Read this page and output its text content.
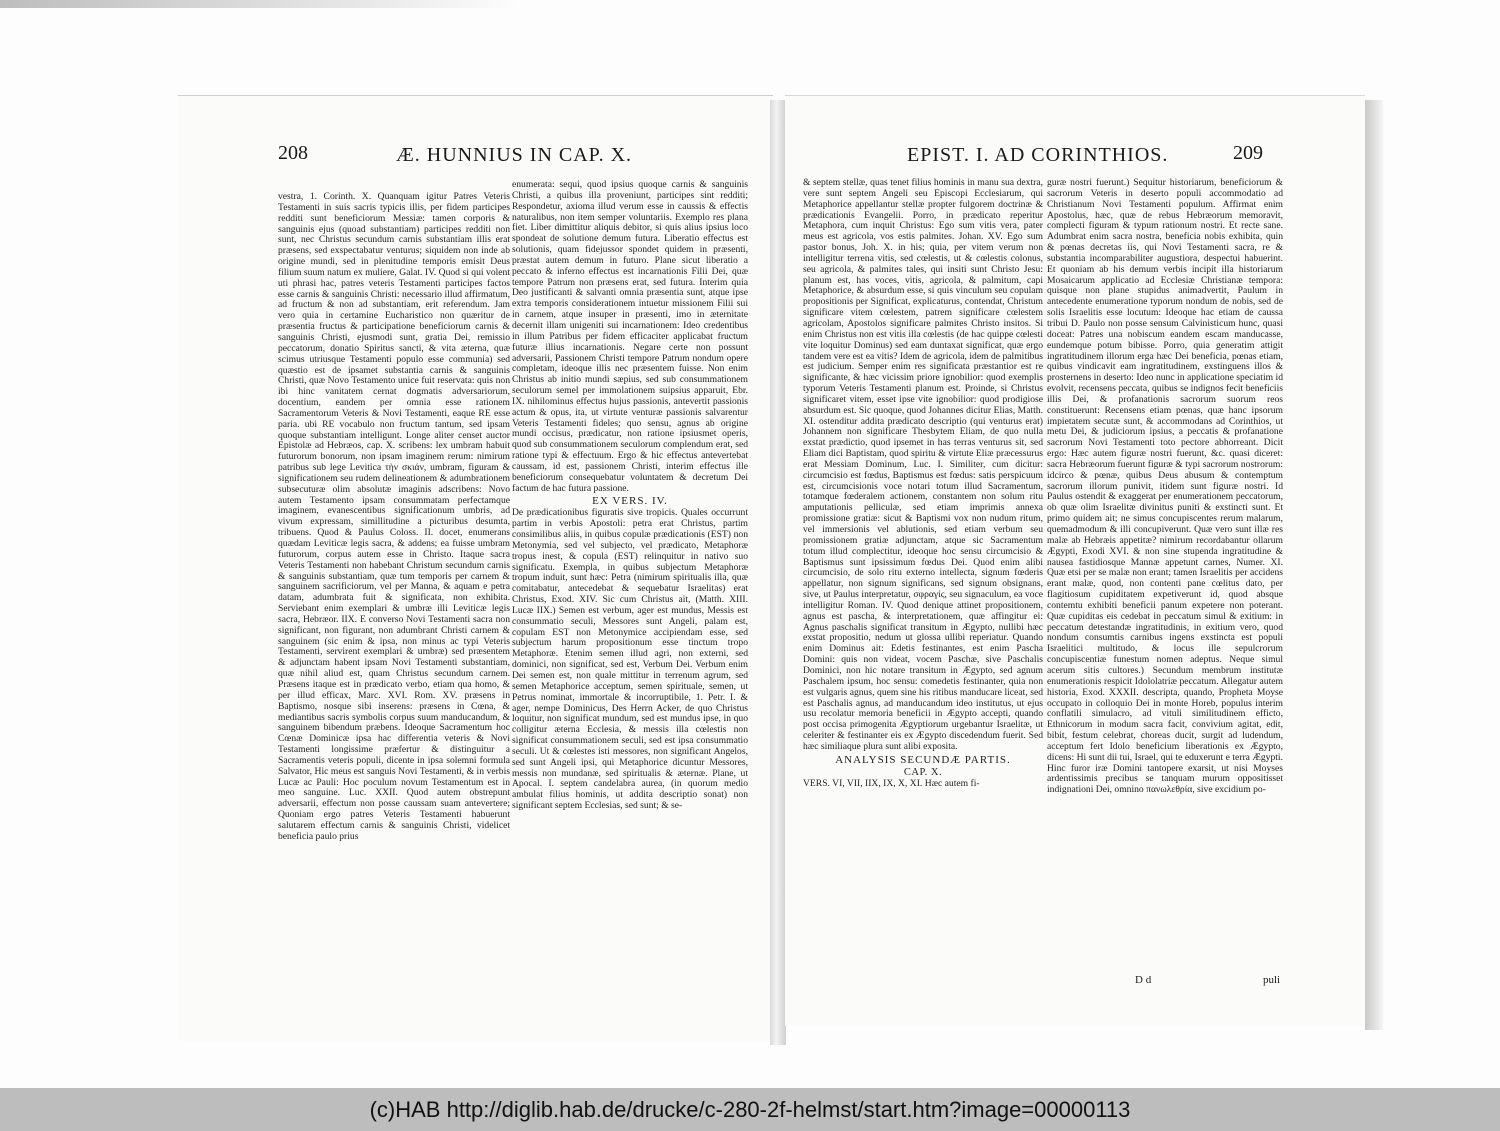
208	Æ. HUNNIUS IN CAP. X.

vestra, 1. Corinth. X. Quanquam igitur Patres Veteris Testamenti in suis sacris typicis illis, per fidem participes redditi sunt beneficiorum Messiæ: tamen corporis & sanguinis ejus (quoad substantiam) participes redditi non sunt, nec Christus secundum carnis substantiam illis erat præsens, sed exspectabatur venturus; siquidem non inde ab origine mundi, sed in plenitudine temporis emisit Deus filium suum natum ex muliere, Galat. IV. Quod si qui volent uti phrasi hac, patres veteris Testamenti participes factos esse carnis & sanguinis Christi: necessario illud affirmatum, ad fructum & non ad substantiam, erit referendum. Jam vero quia in certamine Eucharistico non quæritur de præsentia fructus & participatione beneficiorum carnis & sanguinis Christi, ejusmodi sunt, gratia Dei, remissio peccatorum, donatio Spiritus sancti, & vita æterna, quæ scimus utriusque Testamenti populo esse communia) sed quæstio est de ipsamet substantia carnis & sanguinis Christi, quæ Novo Testamento unice fuit reservata: quis non ibi hinc vanitatem cernat dogmatis adversariorum, docentium, eandem per omnia esse rationem Sacramentorum Veteris & Novi Testamenti, eaque RE esse paria. ubi RE vocabulo non fructum tantum, sed ipsam quoque substantiam intelligunt. Longe aliter censet auctor Epistolæ ad Hebræos, cap. X. scribens: lex umbram habuit futurorum bonorum, non ipsam imaginem rerum: nimirum patribus sub lege Levitica τὴν σκιάν, umbram, figuram & significationem seu rudem delineationem & adumbrationem subsecuturæ olim absolutæ imaginis adscribens: Novo autem Testamento ipsam consummatam perfectamque imaginem, evanescentibus significationum umbris, ad vivum expressam, simillitudine a picturibus desumta, tribuens. Quod & Paulus Coloss. II. docet, enumerans quædam Leviticæ legis sacra, & addens; ea fuisse umbram futurorum, corpus autem esse in Christo. Itaque sacra Veteris Testamenti non habebant Christum secundum carnis & sanguinis substantiam, quæ tum temporis per carnem & sanguinem sacrificiorum, vel per Manna, & aquam e petra datam, adumbrata fuit & significata, non exhibita. Serviebant enim exemplari & umbræ illi Leviticæ legis sacra, Hebræor. IIX. E converso Novi Testamenti sacra non significant, non figurant, non adumbrant Christi carnem & sanguinem (sic enim & ipsa, non minus ac typi Veteris Testamenti, servirent exemplari & umbræ) sed præsentem & adjunctam habent ipsam Novi Testamenti substantiam, quæ nihil aliud est, quam Christus secundum carnem. Præsens itaque est in prædicato verbo, etiam qua homo, & per illud efficax, Marc. XVI. Rom. XV. præsens in Baptismo, nosque sibi inserens: præsens in Cœna, & mediantibus sacris symbolis corpus suum manducandum, & sanguinem bibendum præbens. Ideoque Sacramentum hoc Cœnæ Dominicæ ipsa hac differentia veteris & Novi Testamenti longissime præfertur & distinguitur a Sacramentis veteris populi, dicente in ipsa solemni formula Salvator, Hic meus est sanguis Novi Testamenti, & in verbis Lucæ ac Pauli: Hoc poculum novum Testamentum est in meo sanguine. Luc. XXII. Quod autem obstrepunt adversarii, effectum non posse caussam suam antevertere; Quoniam ergo patres Veteris Testamenti habuerunt salutarem effectum carnis & sanguinis Christi, videlicet beneficia paulo prius

enumerata: sequi, quod ipsius quoque carnis & sanguinis Christi, a quibus illa proveniunt, participes sint redditi; Respondetur, axioma illud verum esse in caussis & effectis naturalibus, non item semper voluntariis. Exemplo res plana fiet. Liber dimittitur aliquis debitor, si quis alius ipsius loco spondeat de solutione demum futura. Liberatio effectus est solutionis, quam fidejussor spondet quidem in præsenti, præstat autem demum in futuro. Plane sicut liberatio a peccato & inferno effectus est incarnationis Filii Dei, quæ tempore Patrum non præsens erat, sed futura. Interim quia Deo justificanti & salvanti omnia præsentia sunt, atque ipse extra temporis considerationem intuetur missionem Filii sui in carnem, atque insuper in præsenti, imo in æternitate decernit illam unigeniti sui incarnationem: Ideo credentibus in illum Patribus per fidem efficaciter applicabat fructum futuræ illius incarnationis. Negare certe non possunt adversarii, Passionem Christi tempore Patrum nondum opere completam, ideoque illis nec præsentem fuisse. Non enim Christus ab initio mundi sæpius, sed sub consummationem seculorum semel per immolationem suipsius apparuit, Ebr. IX. nihilominus effectus hujus passionis, antevertit passionis actum & opus, ita, ut virtute venturæ passionis salvarentur Veteris Testamenti fideles; quo sensu, agnus ab origine mundi occisus, prædicatur, non ratione ipsiusmet operis, quod sub consummationem seculorum complendum erat, sed ratione typi & effectuum. Ergo & hic effectus antevertebat caussam, id est, passionem Christi, interim effectus ille beneficiorum consequebatur voluntatem & decretum Dei factum de hac futura passione.

EX VERS. IV.

De prædicationibus figuratis sive tropicis. Quales occurrunt partim in verbis Apostoli: petra erat Christus, partim consimilibus aliis, in quibus copulæ prædicationis (EST) non Metonymia, sed vel subjecto, vel prædicato, Metaphoræ tropus inest, & copula (EST) relinquitur in nativo suo significatu. Exempla, in quibus subjectum Metaphoræ tropum induit, sunt hæc: Petra (nimirum spiritualis illa, quæ comitabatur, antecedebat & sequebatur Israelitas) erat Christus, Exod. XIV. Sic cum Christus ait, (Matth. XIII. Lucæ IIX.) Semen est verbum, ager est mundus, Messis est consummatio seculi, Messores sunt Angeli, palam est, copulam EST non Metonymice accipiendam esse, sed subjectum harum propositionum esse tinctum tropo Metaphoræ. Etenim semen illud agri, non externi, sed dominici, non significat, sed est, Verbum Dei. Verbum enim Dei semen est, non quale mittitur in terrenum agrum, sed semen Metaphorice acceptum, semen spirituale, semen, ut Petrus nominat, immortale & incorruptibile, 1. Petr. I. & ager, nempe Dominicus, Des Herrn Acker, de quo Christus loquitur, non significat mundum, sed est mundus ipse, in quo colligitur æterna Ecclesia, & messis illa cœlestis non significat consummationem seculi, sed est ipsa consummatio seculi. Ut & cœlestes isti messores, non significant Angelos, sed sunt Angeli ipsi, qui Metaphorice dicuntur Messores, messis non mundanæ, sed spiritualis & æternæ. Plane, ut Apocal. I. septem candelabra aurea, (in quorum medio ambulat filius hominis, ut addita descriptio sonat) non significant septem Ecclesias, sed sunt; & se-

EPIST. I. AD CORINTHIOS.	209

& septem stellæ, quas tenet filius hominis in manu sua dextra, vere sunt septem Angeli seu Episcopi Ecclesiarum, qui Metaphorice appellantur stellæ propter fulgorem doctrinæ & prædicationis Evangelii. Porro, in prædicato reperitur Metaphora, cum inquit Christus: Ego sum vitis vera, pater meus est agricola, vos estis palmites. Johan. XV. Ego sum pastor bonus, Joh. X. in his; quia, per vitem verum non intelligitur terrena vitis, sed cœlestis, ut & cœlestis colonus, seu agricola, & palmites tales, qui insiti sunt Christo Jesu: planum est, has voces, vitis, agricola, & palmitum, capi Metaphorice, & absurdum esse, si quis vinculum seu copulam propositionis per Significat, explicaturus, contendat, Christum significare vitem cœlestem, patrem significare cœlestem agricolam, Apostolos significare palmites Christo insitos. Si enim Christus non est vitis illa cœlestis (de hac quippe cœlesti vite loquitur Dominus) sed eam duntaxat significat, quæ ergo tandem vere est ea vitis? Idem de agricola, idem de palmitibus est judicium. Semper enim res significata præstantior est re significante, & hæc vicissim priore ignobilior: quod exemplis typorum Veteris Testamenti planum est. Proinde, si Christus significaret vitem, esset ipse vite ignobilior: quod prodigiose absurdum est. Sic quoque, quod Johannes dicitur Elias, Matth. XI. ostenditur addita prædicato descriptio (qui venturus erat) Johannem non significare Thesbytem Eliam, de quo nulla exstat prædictio, quod ipsemet in has terras venturus sit, sed Eliam dici Baptistam, quod spiritu & virtute Eliæ præcessurus erat Messiam Dominum, Luc. I. Similiter, cum dicitur: circumcisio est fœdus, Baptismus est fœdus: satis perspicuum est, circumcisionis voce notari totum illud Sacramentum, totamque fœderalem actionem, constantem non solum ritu amputationis pelliculæ, sed etiam imprimis annexa promissione gratiæ: sicut & Baptismi vox non nudum ritum, vel immersionis vel ablutionis, sed etiam verbum seu promissionem gratiæ adjunctam, atque sic Sacramentum totum illud complectitur, ideoque hoc sensu circumcisio & Baptismus sunt ipsissimum fœdus Dei. Quod enim alibi circumcisio, de solo ritu externo intellecta, signum fœderis appellatur, non signum significans, sed signum obsignans, sive, ut Paulus interpretatur, σφραγίς, seu signaculum, ea voce intelligitur Roman. IV. Quod denique attinet propositionem, agnus est pascha, & interpretationem, quæ affingitur ei: Agnus paschalis significat transitum in Ægypto, nullibi hæc exstat propositio, nedum ut glossa ullibi reperiatur. Quando enim Dominus ait: Edetis festinantes, est enim Pascha Domini: quis non videat, vocem Paschæ, sive Paschalis Dominici, non hic notare transitum in Ægypto, sed agnum Paschalem ipsum, hoc sensu: comedetis festinanter, quia non est vulgaris agnus, quem sine his ritibus manducare liceat, sed est Paschalis agnus, ad manducandum ideo institutus, ut ejus usu recolatur memoria beneficii in Ægypto accepti, quando post occisa primogenita Ægyptiorum urgebantur Israelitæ, ut celeriter & festinanter eis ex Ægypto discedendum fuerit. Sed hæc similiaque plura sunt alibi exposita.

ANALYSIS SECUNDÆ PARTIS.
CAP. X.

VERS. VI, VII, IIX, IX, X, XI. Hæc autem fi-

guræ nostri fuerunt.) Sequitur historiarum, beneficiorum & sacrorum Veteris in deserto populi accommodatio ad Christianum Novi Testamenti populum. Affirmat enim Apostolus, hæc, quæ de rebus Hebræorum memoravit, complecti figuram & typum rationum nostri. Et recte sane. Adumbrat enim sacra nostra, beneficia nobis exhibita, quin & pœnas decretas iis, qui Novi Testamenti sacra, re & substantia incomparabiliter augustiora, despectui habuerint. Et quoniam ab his demum verbis incipit illa historiarum Mosaicarum applicatio ad Ecclesiæ Christianæ tempora: quisque non plane stupidus animadvertit, Paulum in antecedente enumeratione typorum nondum de nobis, sed de solis Israelitis esse locutum: Ideoque hac etiam de caussa tribui D. Paulo non posse sensum Calvinisticum hunc, quasi doceat: Patres una nobiscum eandem escam manducasse, eundemque potum bibisse. Porro, quia generatim attigit ingratitudinem illorum erga hæc Dei beneficia, pœnas etiam, quibus vindicavit eam ingratitudinem, exstinguens illos & prosternens in deserto: Ideo nunc in applicatione speciatim id evolvit, recensens peccata, quibus se indignos fecit beneficiis illis Dei, & profanationis sacrorum suorum reos constituerunt: Recensens etiam pœnas, quæ hanc ipsorum impietatem secutæ sunt, & accommodans ad Corinthios, ut metu Dei, & judiciorum ipsius, a peccatis & profanatione sacrorum Novi Testamenti toto pectore abhorreant. Dicit ergo: Hæc autem figuræ nostri fuerunt, &c. quasi diceret: sacra Hebræorum fuerunt figuræ & typi sacrorum nostrorum: idcirco & pœnæ, quibus Deus abusum & contemptum sacrorum illorum punivit, itidem sunt figuræ nostri. Id Paulus ostendit & exaggerat per enumerationem peccatorum, ob quæ olim Israelitæ divinitus puniti & exstincti sunt. Et primo quidem ait; ne simus concupiscentes rerum malarum, quemadmodum & illi concupiverunt. Quæ vero sunt illæ res malæ ab Hebræis appetitæ? nimirum recordabantur ollarum Ægypti, Exodi XVI. & non sine stupenda ingratitudine & nausea fastidiosque Mannæ appetunt carnes, Numer. XI. Quæ etsi per se malæ non erant; tamen Israelitis per accidens erant malæ, quod, non contenti pane cœlitus dato, per flagitiosum cupiditatem expetiverunt id, quod absque contemtu exhibiti beneficii panum expetere non poterant. Quæ cupiditas eis cedebat in peccatum simul & exitium: in peccatum detestandæ ingratitudinis, in exitium vero, quod nondum consumtis carnibus ingens exstincta est populi Israelitici multitudo, & locus ille sepulcrorum concupiscentiæ funestum nomen adeptus. Neque simul acerum sitis cultores.) Secundum membrum institutæ enumerationis respicit Idololatriæ peccatum. Allegatur autem historia, Exod. XXXII. descripta, quando, Propheta Moyse occupato in colloquio Dei in monte Horeb, populus interim conflatili simulacro, ad vituli similitudinem efficto, Ethnicorum in modum sacra facit, convivium agitat, edit, bibit, festum celebrat, choreas ducit, surgit ad ludendum, acceptum fert Idolo beneficium liberationis ex Ægypto, dicens: Hi sunt dii tui, Israel, qui te eduxerunt e terra Ægypti. Hinc furor iræ Domini tantopere exarsit, ut nisi Moyses ardentissimis precibus se tanquam murum oppositisset indignationi Dei, omnino πανωλεθρία, sive excidium po-

D d	puli
(c)HAB http://diglib.hab.de/drucke/c-280-2f-helmst/start.htm?image=00000113
